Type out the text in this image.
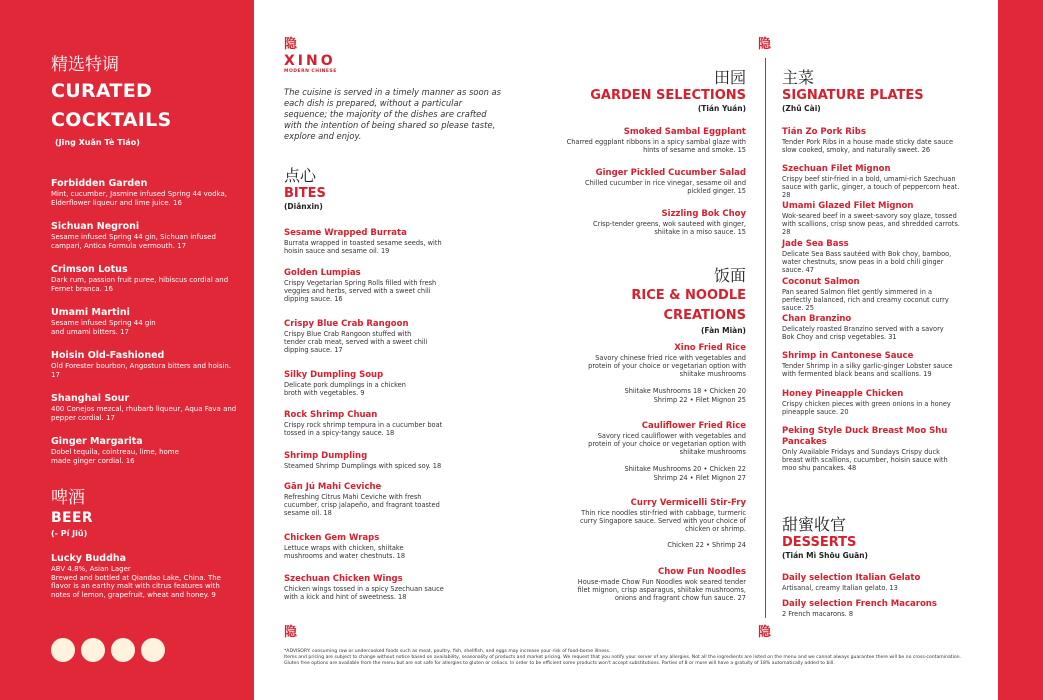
精选特调
CURATED
COCKTAILS
(Jīng Xuǎn Tè Tiáo)
Forbidden Garden
Mint, cucumber, Jasmine infused Spring 44 vodka, Elderflower liqueur and lime juice. 16
Sichuan Negroni
Sesame infused Spring 44 gin, Sichuan infused campari, Antica Formula vermouth. 17
Crimson Lotus
Dark rum, passion fruit puree, hibiscus cordial and Fernet branca. 16
Umami Martini
Sesame infused Spring 44 gin and umami bitters. 17
Hoisin Old-Fashioned
Old Forester bourbon, Angostura bitters and hoisin. 17
Shanghai Sour
400 Conejos mezcal, rhubarb liqueur, Aqua Fava and pepper cordial. 17
Ginger Margarita
Dobel tequila, cointreau, lime, home made ginger cordial. 16
啤酒
BEER
(- Pí Jiǔ)
Lucky Buddha
ABV 4.8%, Asian Lager
Brewed and bottled at Qiandao Lake, China. The flavor is an earthy malt with citrus features with notes of lemon, grapefruit, wheat and honey. 9
隐	隐
隐	隐
XINO
MODERN CHINESE
The cuisine is served in a timely manner as soon as each dish is prepared, without a particular sequence; the majority of the dishes are crafted with the intention of being shared so please taste, explore and enjoy.
点心
BITES
(Diǎnxin)
Sesame Wrapped Burrata
Burrata wrapped in toasted sesame seeds, with hoisin sauce and sesame oil. 19
Golden Lumpias
Crispy Vegetarian Spring Rolls filled with fresh veggies and herbs, served with a sweet chili dipping sauce. 16
Crispy Blue Crab Rangoon
Crispy Blue Crab Rangoon stuffed with tender crab meat, served with a sweet chili dipping sauce. 17
Silky Dumpling Soup
Delicate pork dumplings in a chicken broth with vegetables. 9
Rock Shrimp Chuan
Crispy rock shrimp tempura in a cucumber boat tossed in a spicy-tangy sauce. 18
Shrimp Dumpling
Steamed Shrimp Dumplings with spiced soy. 18
Gān Jú Mahi Ceviche
Refreshing Citrus Mahi Ceviche with fresh cucumber, crisp jalapeño, and fragrant toasted sesame oil. 18
Chicken Gem Wraps
Lettuce wraps with chicken, shiitake mushrooms and water chestnuts. 18
Szechuan Chicken Wings
Chicken wings tossed in a spicy Szechuan sauce with a kick and hint of sweetness. 18
田园
GARDEN SELECTIONS
(Tián Yuán)
Smoked Sambal Eggplant
Charred eggplant ribbons in a spicy sambal glaze with hints of sesame and smoke. 15
Ginger Pickled Cucumber Salad
Chilled cucumber in rice vinegar, sesame oil and pickled ginger. 15
Sizzling Bok Choy
Crisp-tender greens, wok sauteed with ginger, shiitake in a miso sauce. 15
饭面
RICE & NOODLE
CREATIONS
(Fàn Miàn)
Xino Fried Rice
Savory chinese fried rice with vegetables and protein of your choice or vegetarian option with shiitake mushrooms
Shiitake Mushrooms 18 • Chicken 20
Shrimp 22 • Filet Mignon 25
Cauliflower Fried Rice
Savory riced cauliflower with vegetables and protein of your choice or vegetarian option with shiitake mushrooms
Shiitake Mushrooms 20 • Chicken 22
Shrimp 24 • Filet Mignon 27
Curry Vermicelli Stir-Fry
Thin rice noodles stir-fried with cabbage, turmeric curry Singapore sauce. Served with your choice of chicken or shrimp.
Chicken 22 • Shrimp 24
Chow Fun Noodles
House-made Chow Fun Noodles wok seared tender filet mignon, crisp asparagus, shiitake mushrooms, onions and fragrant chow fun sauce. 27
主菜
SIGNATURE PLATES
(Zhǔ Cài)
Tián Zo Pork Ribs
Tender Pork Ribs in a house made sticky date sauce slow cooked, smoky, and naturally sweet. 26
Szechuan Filet Mignon
Crispy beef stir-fried in a bold, umami-rich Szechuan sauce with garlic, ginger, a touch of peppercorn heat. 28
Umami Glazed Filet Mignon
Wok-seared beef in a sweet-savory soy glaze, tossed with scallions, crisp snow peas, and shredded carrots. 28
Jade Sea Bass
Delicate Sea Bass sautéed with Bok choy, bamboo, water chestnuts, snow peas in a bold chili ginger sauce. 47
Coconut Salmon
Pan seared Salmon filet gently simmered in a perfectly balanced, rich and creamy coconut curry sauce. 25
Chan Branzino
Delicately roasted Branzino served with a savory Bok Choy and crisp vegetables. 31
Shrimp in Cantonese Sauce
Tender Shrimp in a silky garlic-ginger Lobster sauce with fermented black beans and scallions. 19
Honey Pineapple Chicken
Crispy chicken pieces with green onions in a honey pineapple sauce. 20
Peking Style Duck Breast Moo Shu Pancakes
Only Available Fridays and Sundays Crispy duck breast with scallions, cucumber, hoisin sauce with moo shu pancakes. 48
甜蜜收官
DESSERTS
(Tián Mì Shōu Guān)
Daily selection Italian Gelato
Artisanal, creamy Italian gelato. 13
Daily selection French Macarons
2 French macarons. 8
*ADVISORY: consuming raw or undercooked foods such as meat, poultry, fish, shellfish, and eggs may increase your risk of food-borne illness.
Items and pricing are subject to change without notice based on availability, seasonality of products and market pricing. We request that you notify your server of any allergies. Not all the ingredients are listed on the menu and we cannot always guarantee there will be no cross-contamination.
Gluten free options are available from the menu but are not safe for allergies to gluten or celiacs. In order to be efficient some products won't accept substitutions. Parties of 8 or more will have a gratuity of 18% automatically added to bill.
